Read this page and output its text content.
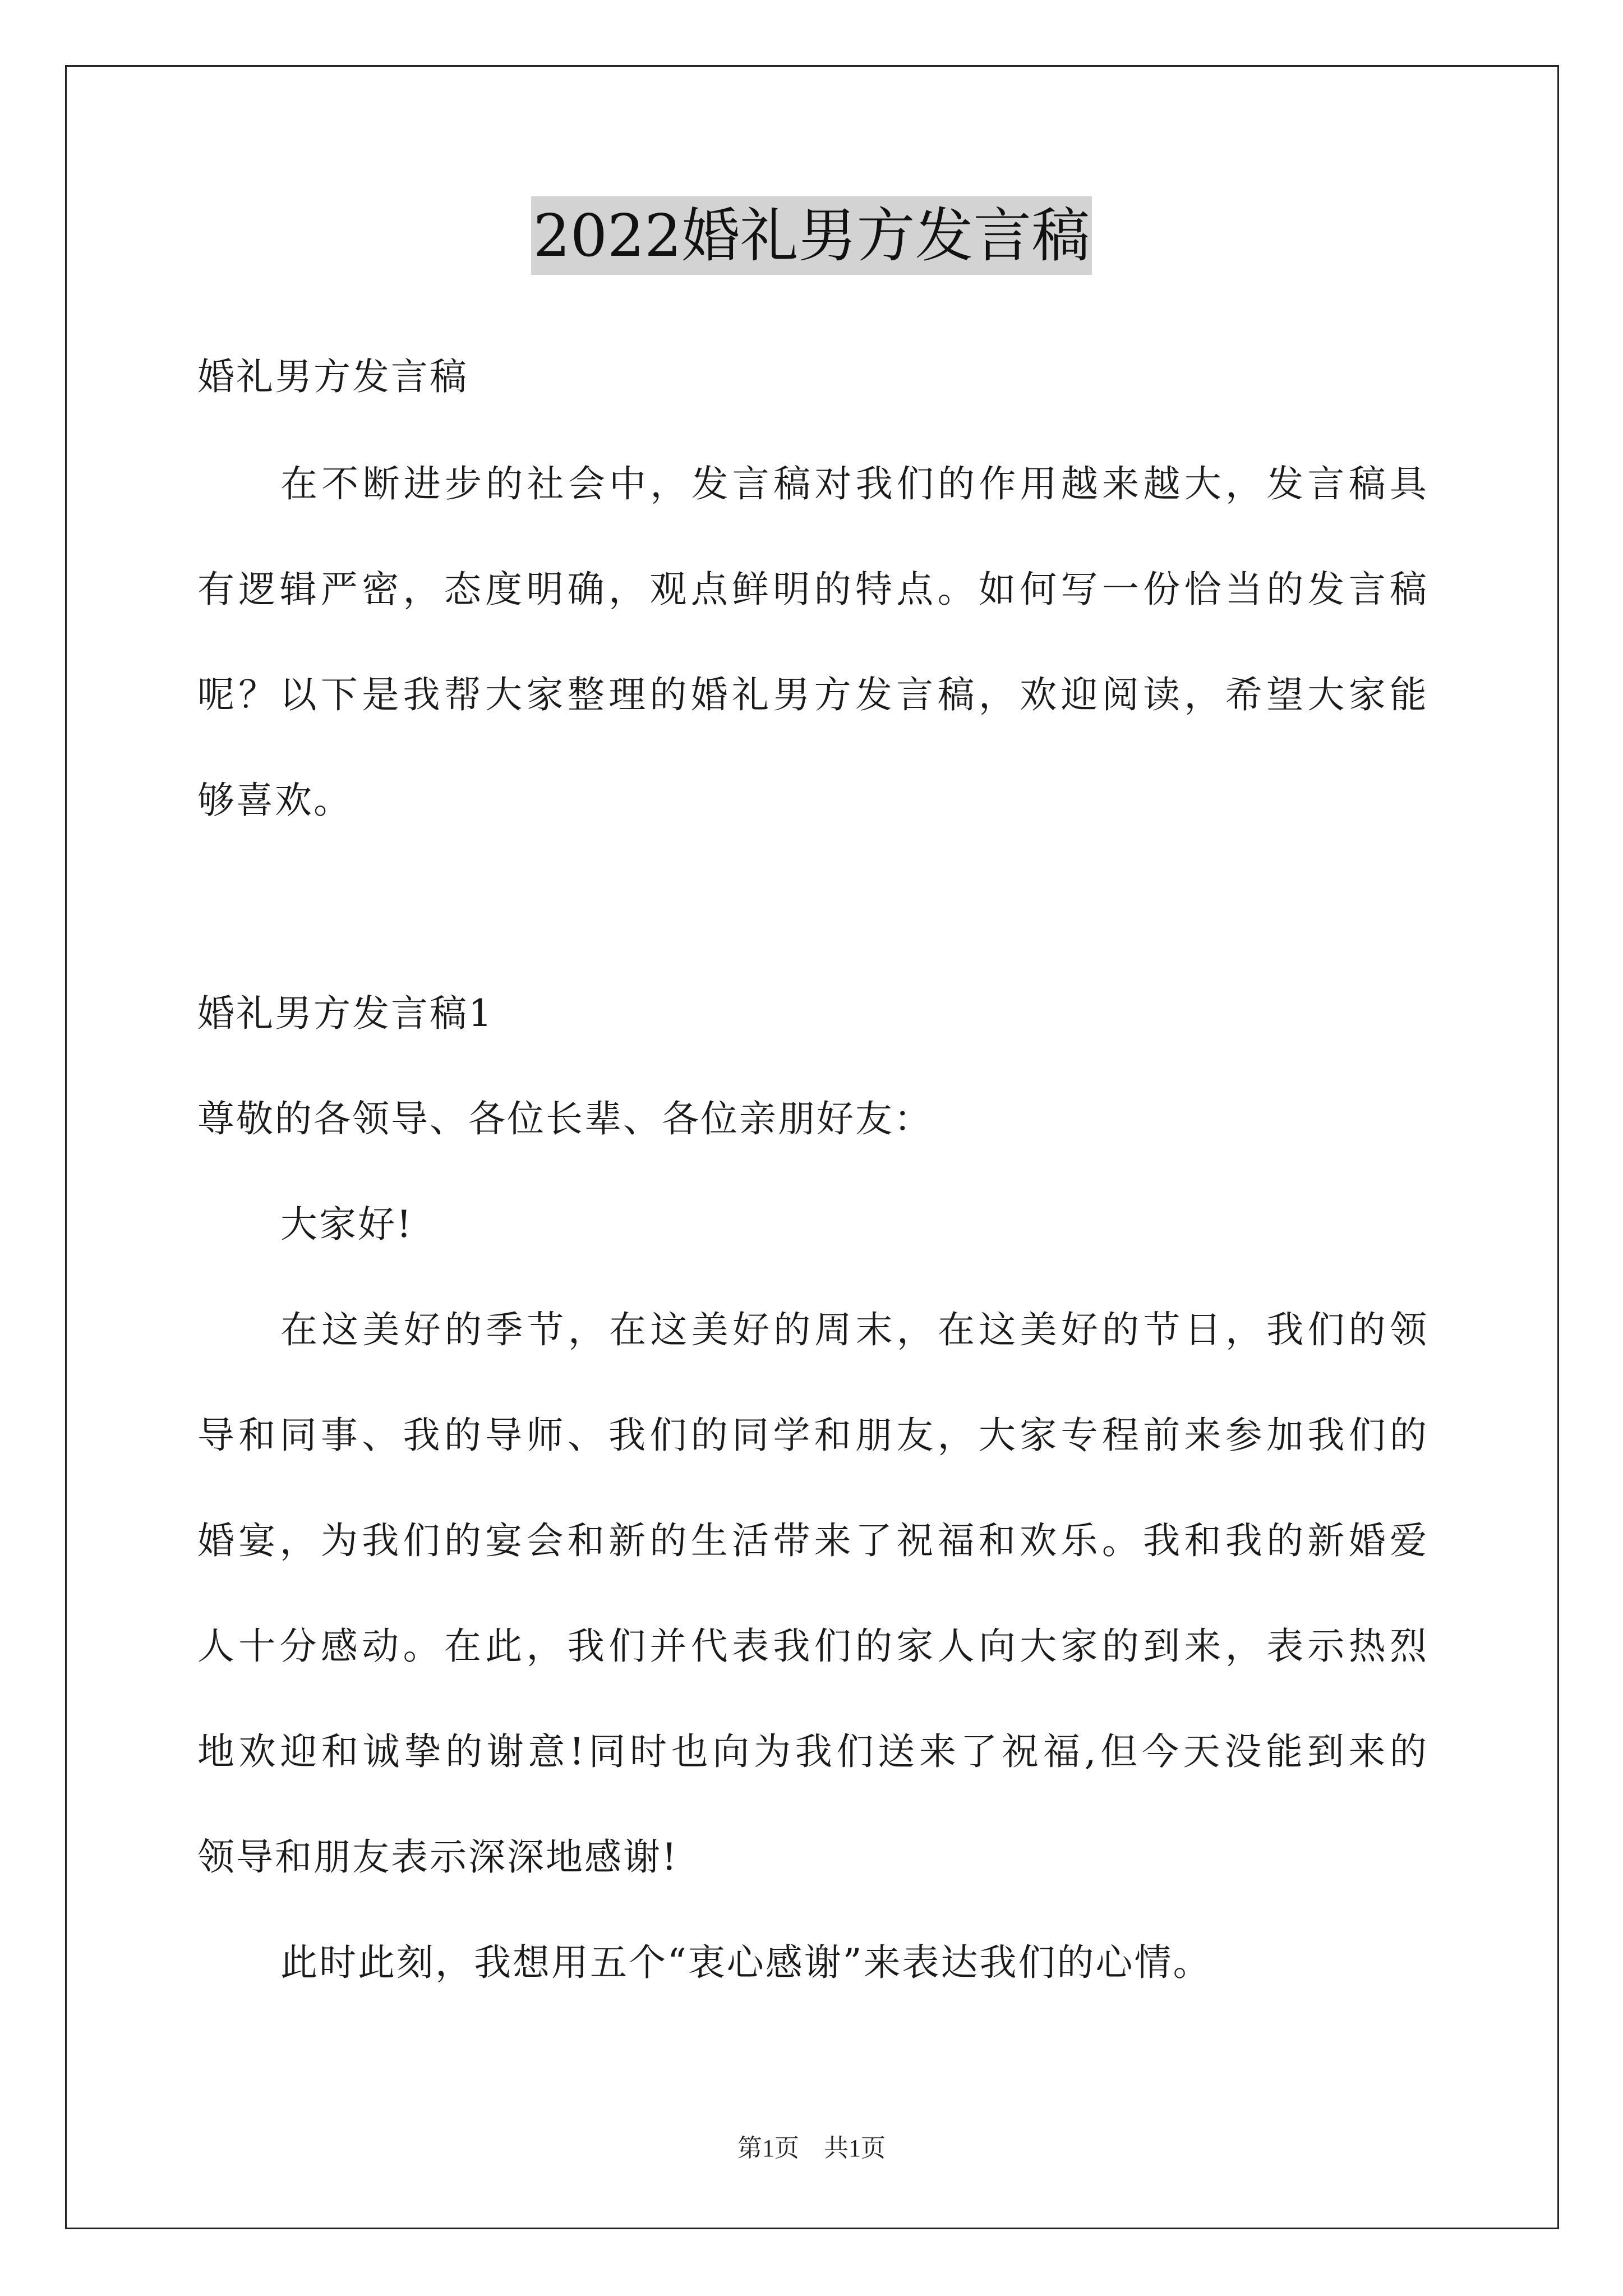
2022婚礼男方发言稿
婚礼男方发言稿
在不断进步的社会中，发言稿对我们的作用越来越大，发言稿具
有逻辑严密，态度明确，观点鲜明的特点。如何写一份恰当的发言稿
呢？以下是我帮大家整理的婚礼男方发言稿，欢迎阅读，希望大家能
够喜欢。
婚礼男方发言稿1
尊敬的各领导、各位长辈、各位亲朋好友：
大家好!
在这美好的季节，在这美好的周末，在这美好的节日，我们的领
导和同事、我的导师、我们的同学和朋友，大家专程前来参加我们的
婚宴，为我们的宴会和新的生活带来了祝福和欢乐。我和我的新婚爱
人十分感动。在此，我们并代表我们的家人向大家的到来，表示热烈
地欢迎和诚挚的谢意!同时也向为我们送来了祝福,但今天没能到来的
领导和朋友表示深深地感谢!
此时此刻，我想用五个“衷心感谢”来表达我们的心情。
第1页　共1页
